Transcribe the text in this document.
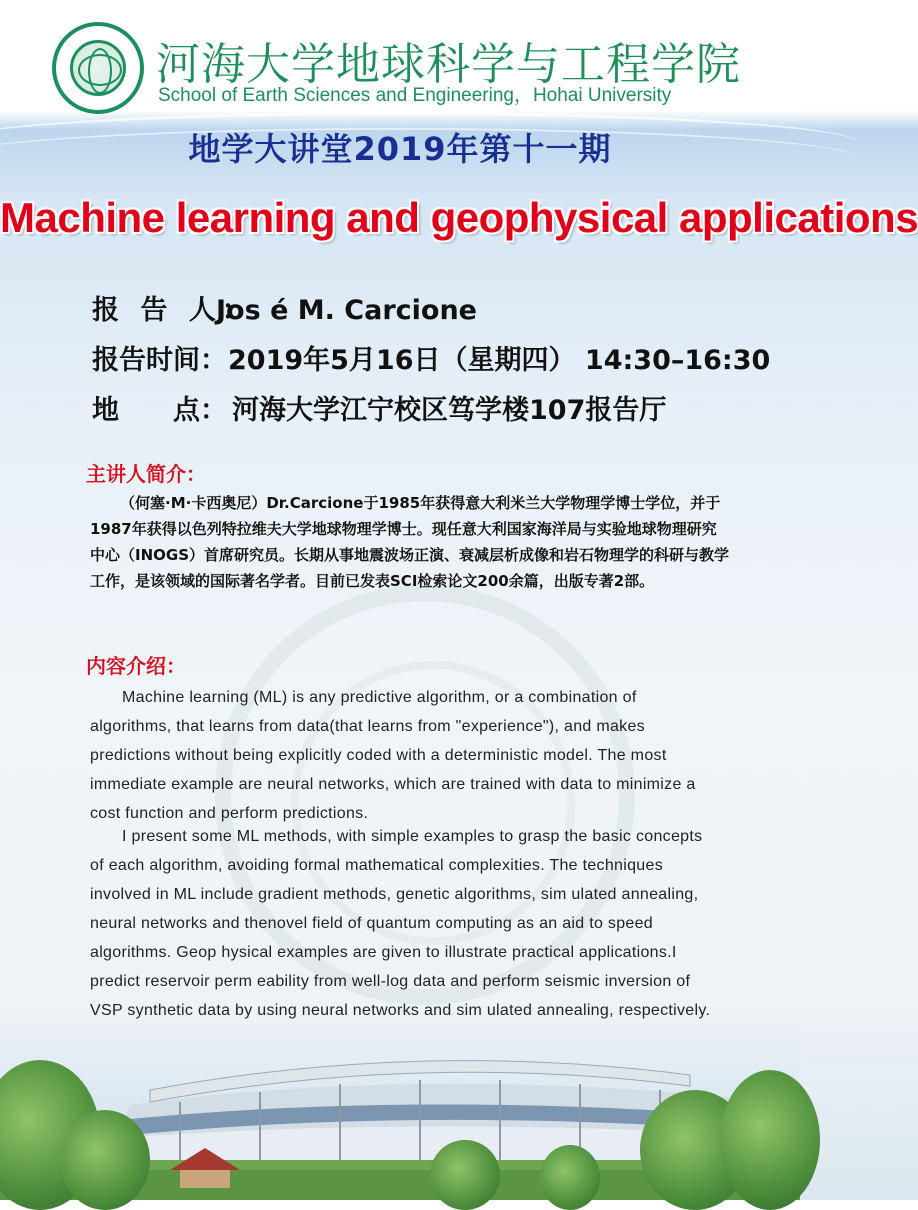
河海大学地球科学与工程学院
School of Earth Sciences and Engineering，Hohai University
地学大讲堂2019年第十一期
Machine learning and geophysical applications
报 告 人：Jos é M. Carcione
报告时间：2019年5月16日（星期四） 14:30–16:30
地　　点： 河海大学江宁校区笃学楼107报告厅
主讲人简介：
（何塞·M·卡西奥尼）Dr.Carcione于1985年获得意大利米兰大学物理学博士学位，并于1987年获得以色列特拉维夫大学地球物理学博士。现任意大利国家海洋局与实验地球物理研究中心（INOGS）首席研究员。长期从事地震波场正演、衰减层析成像和岩石物理学的科研与教学工作，是该领域的国际著名学者。目前已发表SCI检索论文200余篇，出版专著2部。
内容介绍：
Machine learning (ML) is any predictive algorithm, or a combination of algorithms, that learns from data(that learns from "experience"), and makes predictions without being explicitly coded with a deterministic model. The most immediate example are neural networks, which are trained with data to minimize a cost function and perform predictions.
I present some ML methods, with simple examples to grasp the basic concepts of each algorithm, avoiding formal mathematical complexities. The techniques involved in ML include gradient methods, genetic algorithms, sim ulated annealing, neural networks and thenovel field of quantum computing as an aid to speed algorithms. Geop hysical examples are given to illustrate practical applications.I predict reservoir perm eability from well-log data and perform seismic inversion of VSP synthetic data by using neural networks and sim ulated annealing, respectively.
